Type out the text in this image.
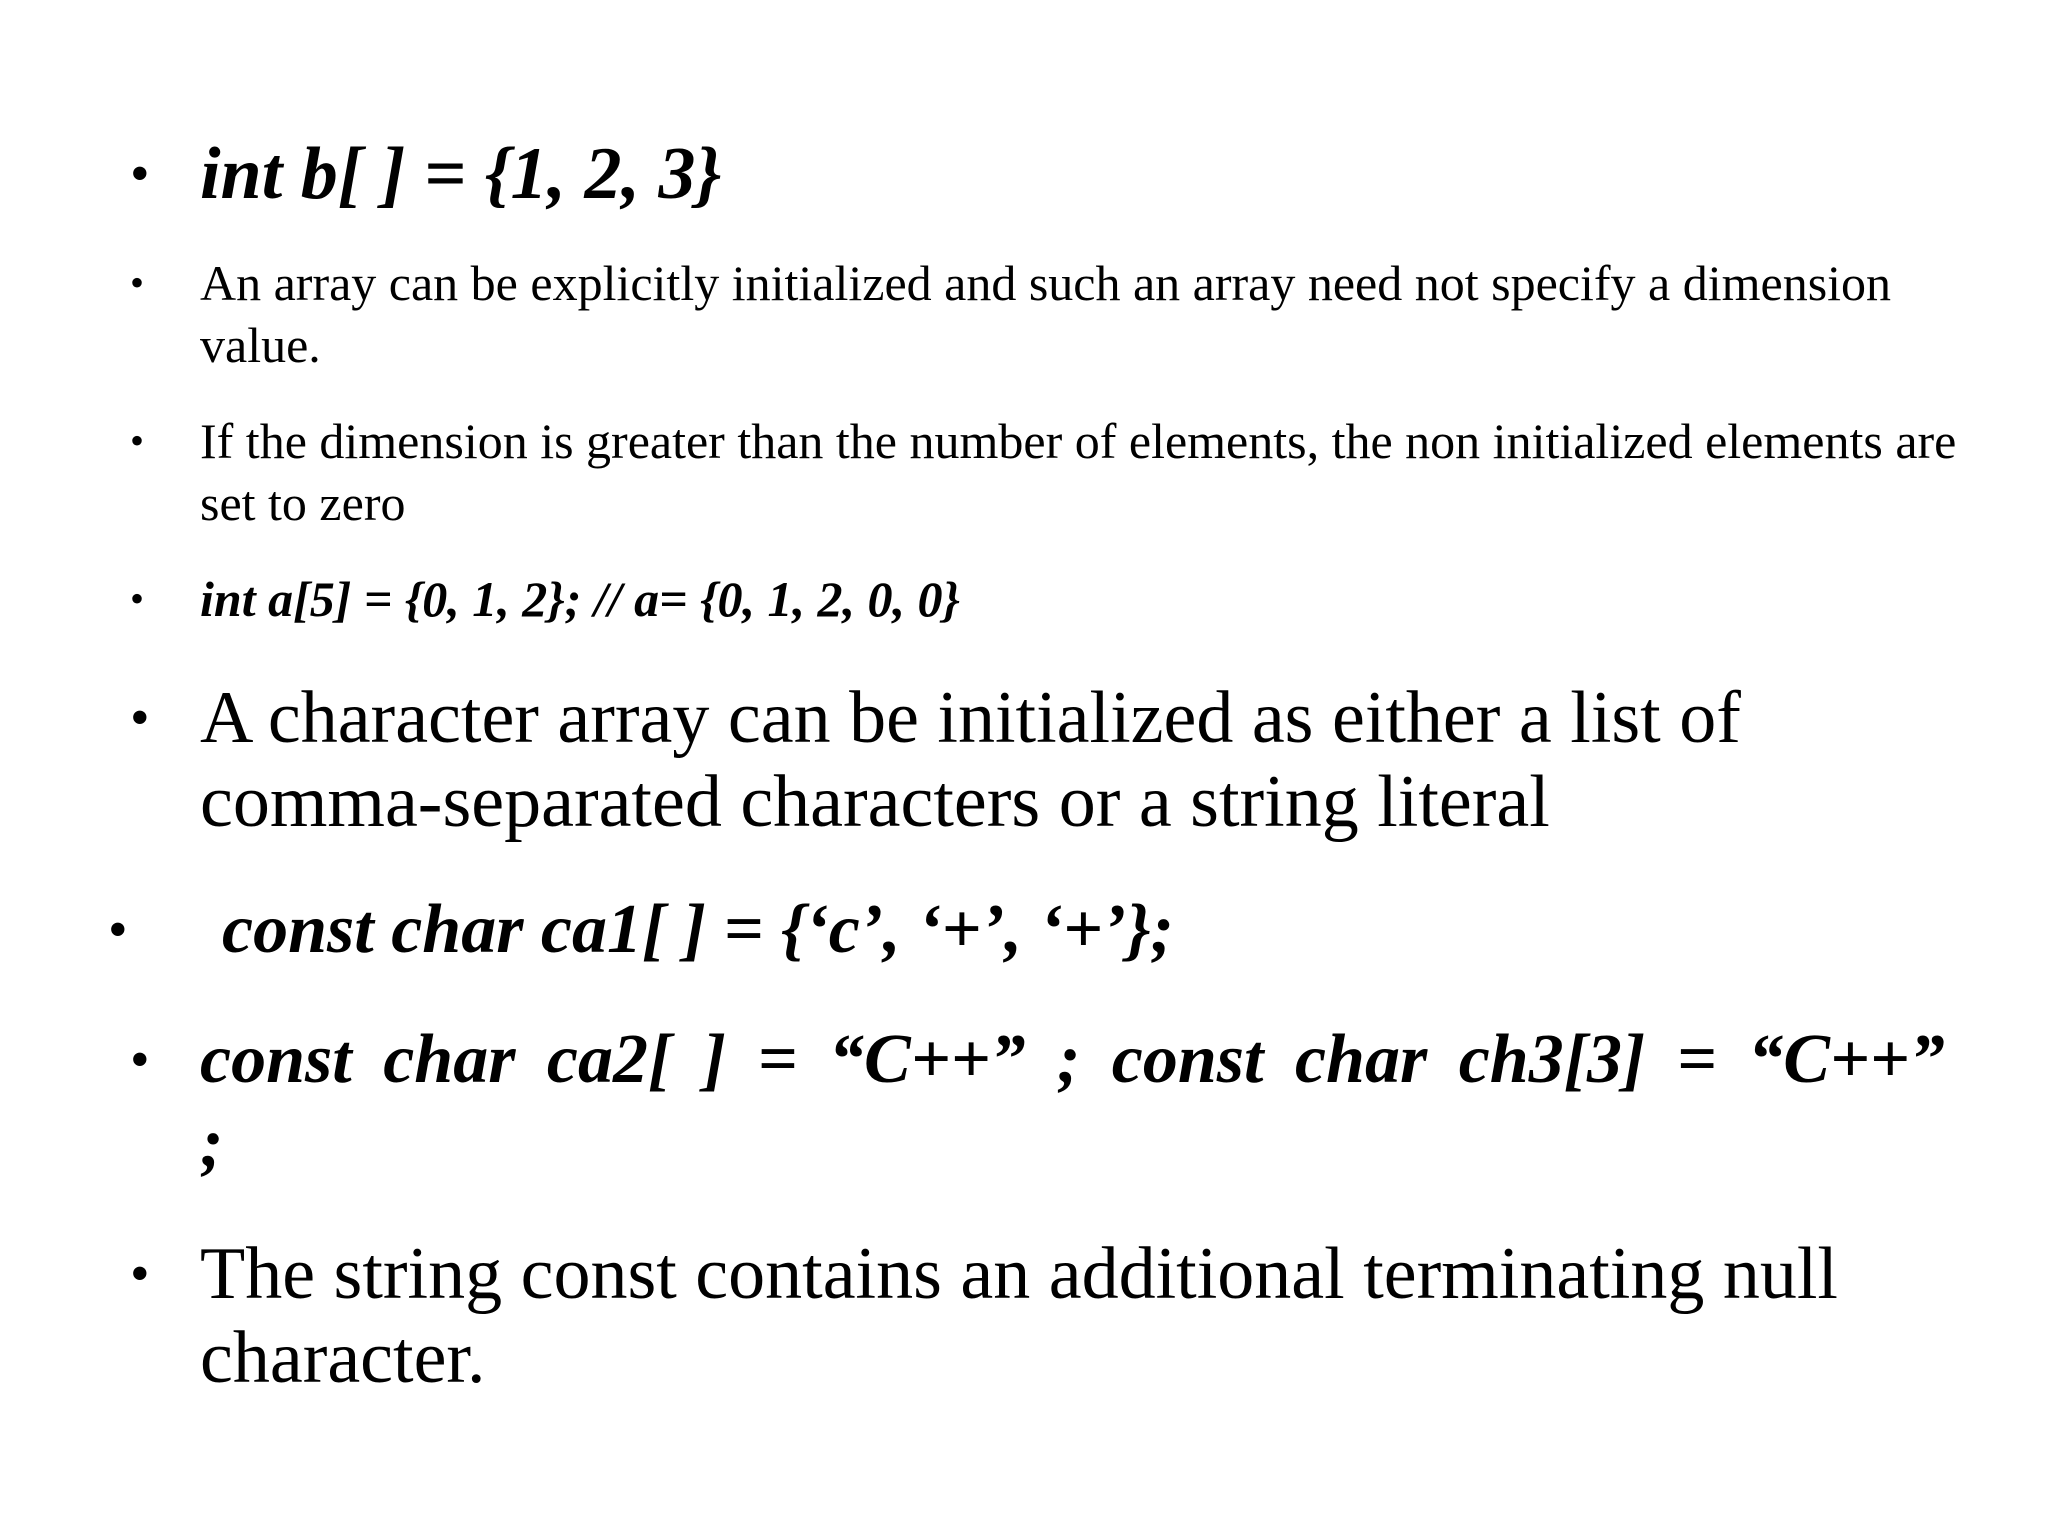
• int b[ ] = {1, 2, 3}
• An array can be explicitly initialized and such an array need not specify a dimension value.
• If the dimension is greater than the number of elements, the non initialized elements are set to zero
• int a[5] = {0, 1, 2}; // a= {0, 1, 2, 0, 0}
• A character array can be initialized as either a list of comma-separated characters or a string literal
• const char ca1[ ] = {‘c’, ‘+’, ‘+’};
• const char ca2[ ] = “C++” ; const char ch3[3] = “C++” ;
• The string const contains an additional terminating null character.
